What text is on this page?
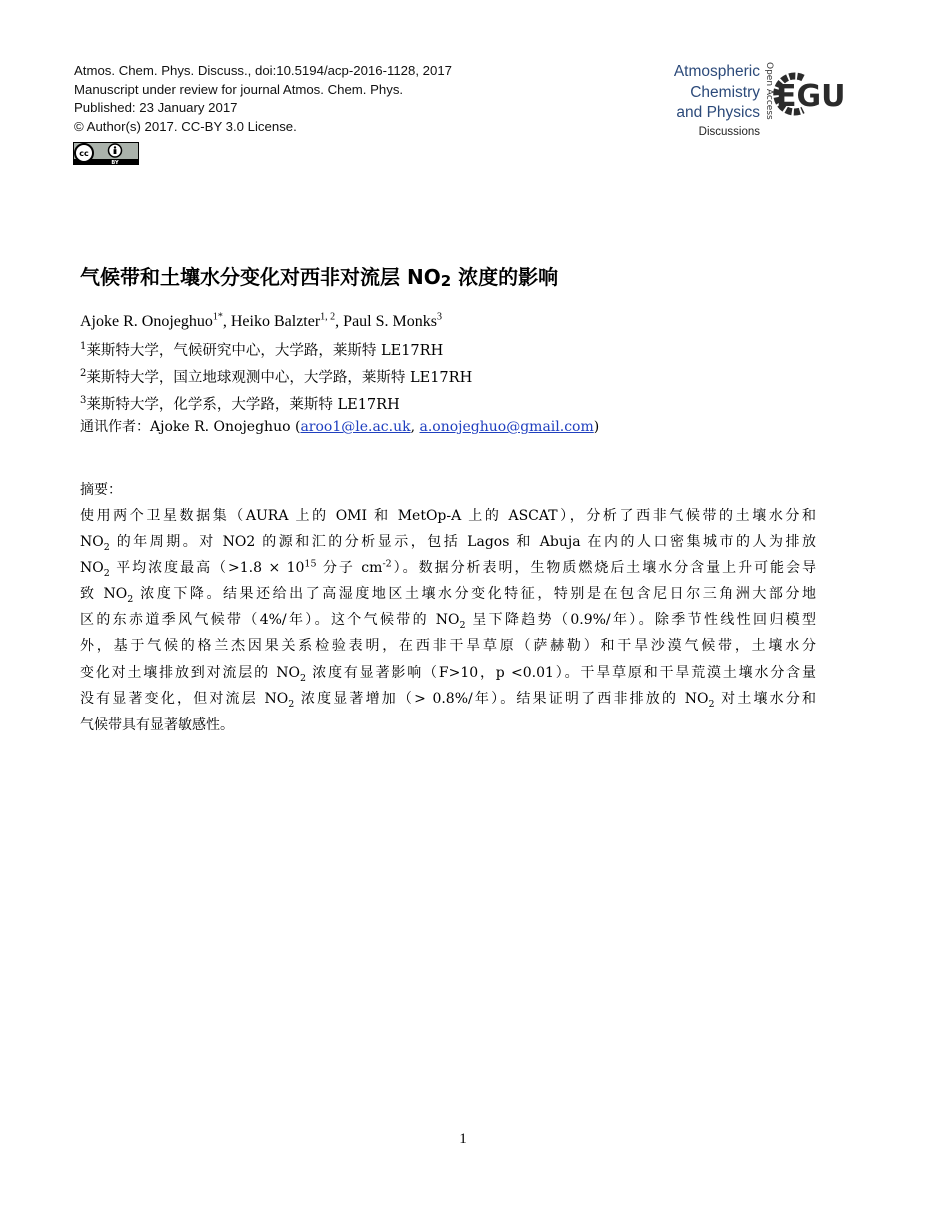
Atmos. Chem. Phys. Discuss., doi:10.5194/acp-2016-1128, 2017
Manuscript under review for journal Atmos. Chem. Phys.
Published: 23 January 2017
© Author(s) 2017. CC-BY 3.0 License.
cc
BY
Atmospheric
Chemistry
and Physics
Discussions
Open Access EGU
气候带和土壤水分变化对西非对流层 NO2 浓度的影响
Ajoke R. Onojeghuo$^{1*}$, Heiko Balzter$^{1, 2}$, Paul S. Monks$^3$
$^1$莱斯特大学，气候研究中心，大学路，莱斯特 LE17RH
$^2$莱斯特大学，国立地球观测中心，大学路，莱斯特 LE17RH
$^3$莱斯特大学，化学系，大学路，莱斯特 LE17RH
通讯作者：Ajoke R. Onojeghuo (aroo1@le.ac.uk, a.onojeghuo@gmail.com)
摘要：
使用两个卫星数据集（AURA 上的 OMI 和 MetOp-A 上的 ASCAT），分析了西非气候带的土壤水分和
$NO_2$ 的年周期。对 NO2 的源和汇的分析显示，包括 Lagos 和 Abuja 在内的人口密集城市的人为排放
$NO_2$ 平均浓度最高（$>1.8 \times 10^{15}$ 分子 $cm^{-2}$）。数据分析表明，生物质燃烧后土壤水分含量上升可能会导
致 $NO_2$ 浓度下降。结果还给出了高湿度地区土壤水分变化特征，特别是在包含尼日尔三角洲大部分地
区的东赤道季风气候带（4%/年）。这个气候带的 $NO_2$ 呈下降趋势（0.9%/年）。除季节性线性回归模型
外，基于气候的格兰杰因果关系检验表明，在西非干旱草原（萨赫勒）和干旱沙漠气候带，土壤水分
变化对土壤排放到对流层的 $NO_2$ 浓度有显著影响（F>10，p <0.01）。干旱草原和干旱荒漠土壤水分含量
没有显著变化，但对流层 $NO_2$ 浓度显著增加（> 0.8%/年）。结果证明了西非排放的 $NO_2$ 对土壤水分和
气候带具有显著敏感性。
1
